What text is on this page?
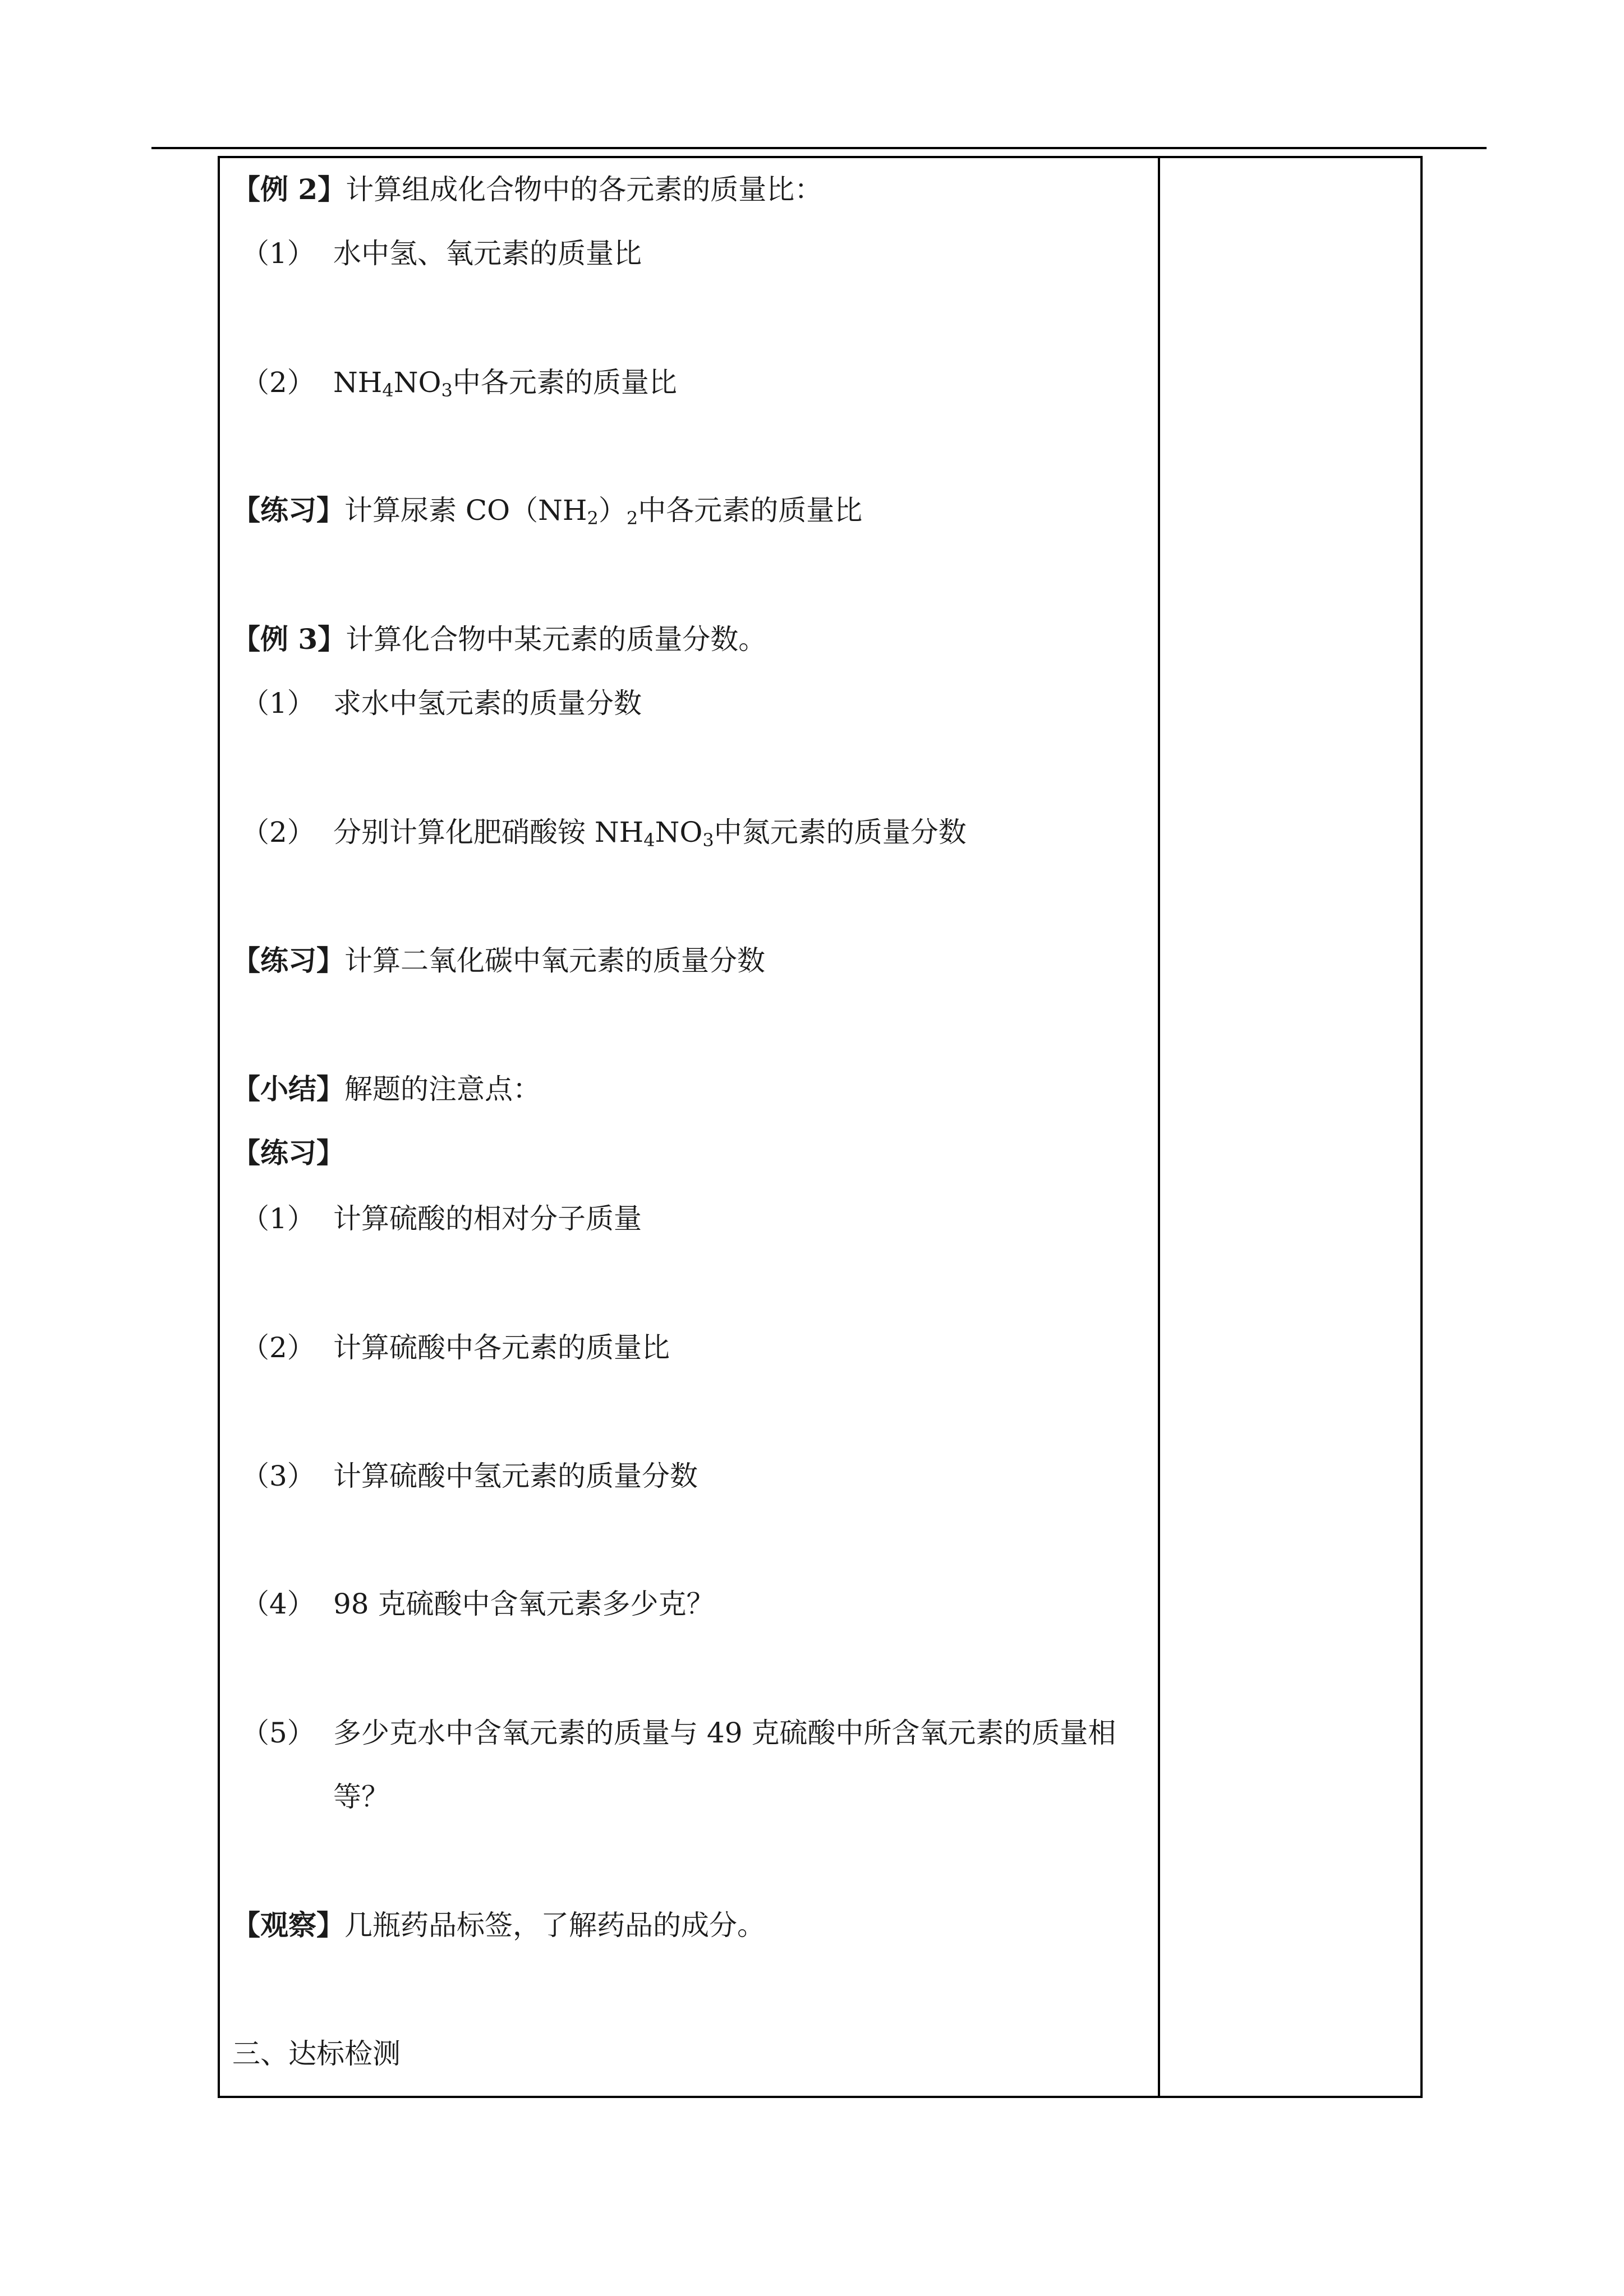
【例 2】计算组成化合物中的各元素的质量比：
（1） 水中氢、氧元素的质量比
（2） $NH_4NO_3$中各元素的质量比
【练习】计算尿素 $CO(NH_2)_2$中各元素的质量比
【例 3】计算化合物中某元素的质量分数。
（1） 求水中氢元素的质量分数
（2） 分别计算化肥硝酸铵 $NH_4NO_3$中氮元素的质量分数
【练习】计算二氧化碳中氧元素的质量分数
【小结】解题的注意点：
【练习】
（1） 计算硫酸的相对分子质量
（2） 计算硫酸中各元素的质量比
（3） 计算硫酸中氢元素的质量分数
（4） 98 克硫酸中含氧元素多少克？
（5） 多少克水中含氧元素的质量与 49 克硫酸中所含氧元素的质量相
等？
【观察】几瓶药品标签，了解药品的成分。
三、达标检测
